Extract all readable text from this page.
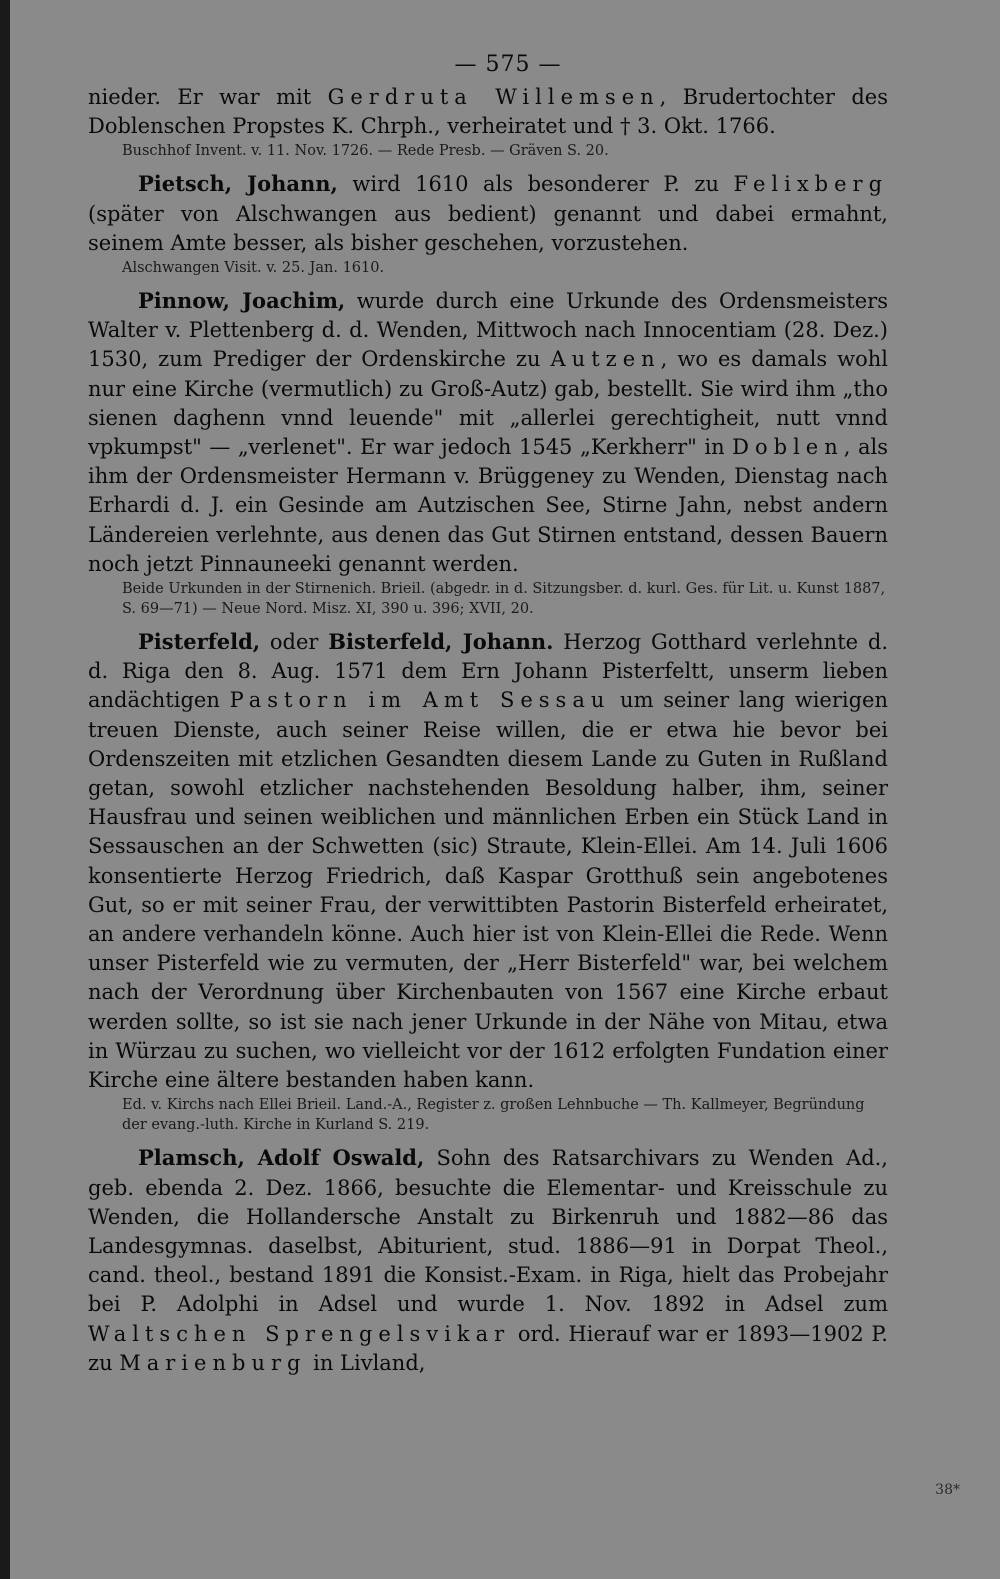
— 575 —

nieder. Er war mit Gerdruta Willemsen, Brudertochter des Doblenschen Propstes K. Chrph., verheiratet und † 3. Okt. 1766.

Buschhof Invent. v. 11. Nov. 1726. — Rede Presb. — Gräven S. 20.

Pietsch, Johann, wird 1610 als besonderer P. zu Felixberg (später von Alschwangen aus bedient) genannt und dabei ermahnt, seinem Amte besser, als bisher geschehen, vorzustehen.

Alschwangen Visit. v. 25. Jan. 1610.

Pinnow, Joachim, wurde durch eine Urkunde des Ordensmeisters Walter v. Plettenberg d. d. Wenden, Mittwoch nach Innocentiam (28. Dez.) 1530, zum Prediger der Ordenskirche zu Autzen, wo es damals wohl nur eine Kirche (vermutlich) zu Groß-Autz) gab, bestellt. Sie wird ihm „tho sienen daghenn vnnd leuende" mit „allerlei gerechtigheit, nutt vnnd vpkumpst" — „verlenet". Er war jedoch 1545 „Kerkherr" in Doblen, als ihm der Ordensmeister Hermann v. Brüggeney zu Wenden, Dienstag nach Erhardi d. J. ein Gesinde am Autzischen See, Stirne Jahn, nebst andern Ländereien verlehnte, aus denen das Gut Stirnen entstand, dessen Bauern noch jetzt Pinnauneeki genannt werden.

Beide Urkunden in der Stirnenich. Brieil. (abgedr. in d. Sitzungsber. d. kurl. Ges. für Lit. u. Kunst 1887, S. 69—71) — Neue Nord. Misz. XI, 390 u. 396; XVII, 20.

Pisterfeld, oder Bisterfeld, Johann. Herzog Gotthard verlehnte d. d. Riga den 8. Aug. 1571 dem Ern Johann Pisterfeltt, unserm lieben andächtigen Pastorn im Amt Sessau um seiner lang wierigen treuen Dienste, auch seiner Reise willen, die er etwa hie bevor bei Ordenszeiten mit etzlichen Gesandten diesem Lande zu Guten in Rußland getan, sowohl etzlicher nachstehenden Besoldung halber, ihm, seiner Hausfrau und seinen weiblichen und männlichen Erben ein Stück Land in Sessauschen an der Schwetten (sic) Straute, Klein-Ellei. Am 14. Juli 1606 konsentierte Herzog Friedrich, daß Kaspar Grotthuß sein angebotenes Gut, so er mit seiner Frau, der verwittibten Pastorin Bisterfeld erheiratet, an andere verhandeln könne. Auch hier ist von Klein-Ellei die Rede. Wenn unser Pisterfeld wie zu vermuten, der „Herr Bisterfeld" war, bei welchem nach der Verordnung über Kirchenbauten von 1567 eine Kirche erbaut werden sollte, so ist sie nach jener Urkunde in der Nähe von Mitau, etwa in Würzau zu suchen, wo vielleicht vor der 1612 erfolgten Fundation einer Kirche eine ältere bestanden haben kann.

Ed. v. Kirchs nach Ellei Brieil. Land.-A., Register z. großen Lehnbuche — Th. Kallmeyer, Begründung der evang.-luth. Kirche in Kurland S. 219.

Plamsch, Adolf Oswald, Sohn des Ratsarchivars zu Wenden Ad., geb. ebenda 2. Dez. 1866, besuchte die Elementar- und Kreisschule zu Wenden, die Hollandersche Anstalt zu Birkenruh und 1882—86 das Landesgymnas. daselbst, Abiturient, stud. 1886—91 in Dorpat Theol., cand. theol., bestand 1891 die Konsist.-Exam. in Riga, hielt das Probejahr bei P. Adolphi in Adsel und wurde 1. Nov. 1892 in Adsel zum Waltschen Sprengelsvikar ord. Hierauf war er 1893—1902 P. zu Marienburg in Livland,

38*
